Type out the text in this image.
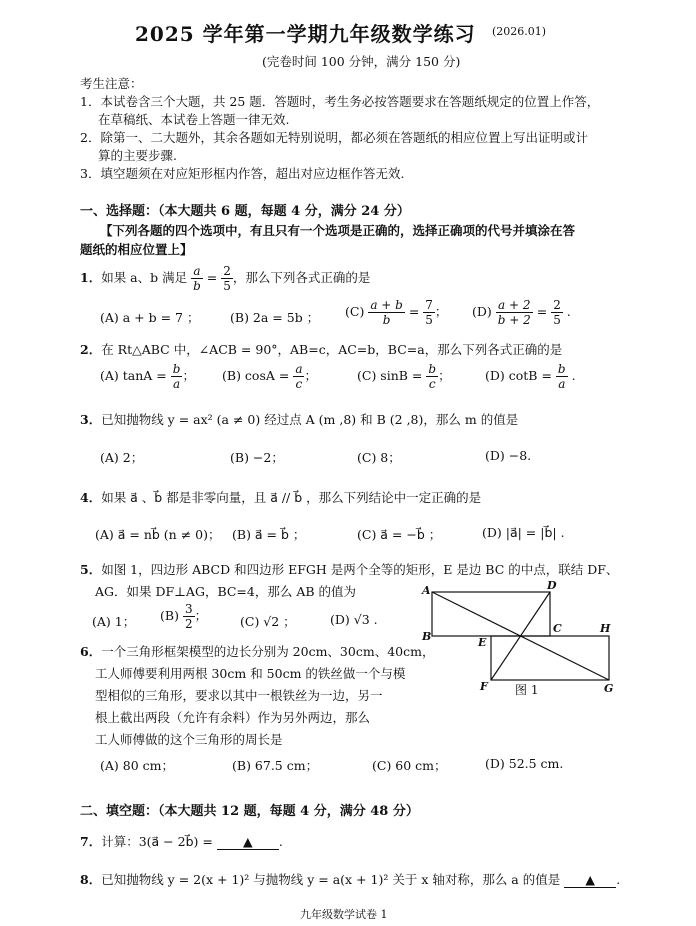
2025 学年第一学期九年级数学练习 (2026.01)
(完卷时间 100 分钟，满分 150 分)
考生注意：
1．本试卷含三个大题，共 25 题．答题时，考生务必按答题要求在答题纸规定的位置上作答，
在草稿纸、本试卷上答题一律无效.
2．除第一、二大题外，其余各题如无特别说明，都必须在答题纸的相应位置上写出证明或计
算的主要步骤.
3．填空题须在对应矩形框内作答，超出对应边框作答无效.
一、选择题：（本大题共 6 题，每题 4 分，满分 24 分）
【下列各题的四个选项中，有且只有一个选项是正确的，选择正确项的代号并填涂在答
题纸的相应位置上】
1．如果 a、b 满足 $\frac{a}{b} = \frac{2}{5}$ ，那么下列各式正确的是
(A) a + b = 7 ； (B) 2a = 5b ； $(C) \frac{a + b}{b} = \frac{7}{5}$ ； $(D) \frac{a + 2}{b + 2} = \frac{2}{5}$ .
2．在 Rt△ABC 中，∠ACB = 90°，AB=c，AC=b，BC=a，那么下列各式正确的是
(A) $\tan A = \frac{b}{a}$ ； (B) $\cos A = \frac{a}{c}$ ；	(C) $\sin B = \frac{b}{c}$ ；	(D) $\cot B = \frac{b}{a}$ .
3．已知抛物线 y = ax² (a ≠ 0) 经过点 A (m ,8) 和 B (2 ,8)，那么 m 的值是
(A) 2；	(B) −2；	(C) 8；	(D) −8.
4．如果 a⃗ 、b⃗ 都是非零向量，且 a⃗ // b⃗ ，那么下列结论中一定正确的是
(A) a⃗ = nb⃗ (n ≠ 0)； (B) a⃗ = b⃗ ；	(C) a⃗ = −b⃗ ；	(D) |a⃗| = |b⃗| .
5．如图 1，四边形 ABCD 和四边形 EFGH 是两个全等的矩形，E 是边 BC 的中点，联结 DF、
AG．如果 DF⊥AG，BC=4，那么 AB 的值为
(A) 1； $(B) \frac{3}{2}$ ；	(C) √2 ；	(D) √3 .
A
B
C
D
E
F	G
H
图 1
6．一个三角形框架模型的边长分别为 20cm、30cm、40cm，
工人师傅要利用两根 30cm 和 50cm 的铁丝做一个与模
型相似的三角形，要求以其中一根铁丝为一边，另一
根上截出两段（允许有余料）作为另外两边，那么
工人师傅做的这个三角形的周长是
(A) 80 cm；	(B) 67.5 cm；	(C) 60 cm；	(D) 52.5 cm.
二、填空题：（本大题共 12 题，每题 4 分，满分 48 分）
7．计算：3(a⃗ − 2b⃗) = ▲ .
8．已知抛物线 y = 2(x + 1)² 与抛物线 y = a(x + 1)² 关于 x 轴对称，那么 a 的值是 ▲ .
九年级数学试卷 1
